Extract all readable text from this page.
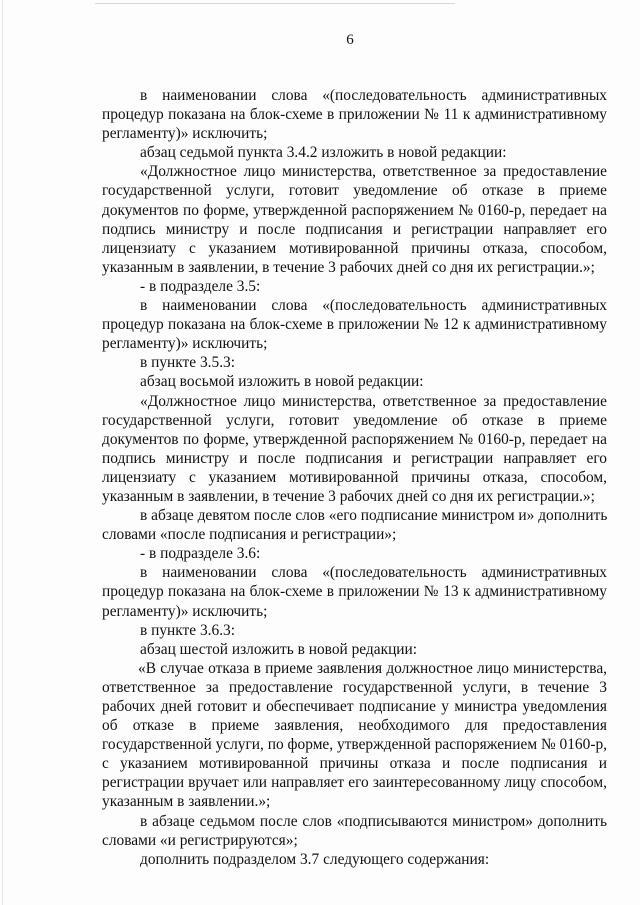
6
в наименовании слова «(последовательность административных
процедур показана на блок-схеме в приложении № 11 к административному
регламенту)» исключить;
абзац седьмой пункта 3.4.2 изложить в новой редакции:
«Должностное лицо министерства, ответственное за предоставление
государственной услуги, готовит уведомление об отказе в приеме
документов по форме, утвержденной распоряжением № 0160-р, передает на
подпись министру и после подписания и регистрации направляет его
лицензиату с указанием мотивированной причины отказа, способом,
указанным в заявлении, в течение 3 рабочих дней со дня их регистрации.»;
- в подразделе 3.5:
в наименовании слова «(последовательность административных
процедур показана на блок-схеме в приложении № 12 к административному
регламенту)» исключить;
в пункте 3.5.3:
абзац восьмой изложить в новой редакции:
«Должностное лицо министерства, ответственное за предоставление
государственной услуги, готовит уведомление об отказе в приеме
документов по форме, утвержденной распоряжением № 0160-р, передает на
подпись министру и после подписания и регистрации направляет его
лицензиату с указанием мотивированной причины отказа, способом,
указанным в заявлении, в течение 3 рабочих дней со дня их регистрации.»;
в абзаце девятом после слов «его подписание министром и» дополнить
словами «после подписания и регистрации»;
- в подразделе 3.6:
в наименовании слова «(последовательность административных
процедур показана на блок-схеме в приложении № 13 к административному
регламенту)» исключить;
в пункте 3.6.3:
абзац шестой изложить в новой редакции:
«В случае отказа в приеме заявления должностное лицо министерства,
ответственное за предоставление государственной услуги, в течение 3
рабочих дней готовит и обеспечивает подписание у министра уведомления
об отказе в приеме заявления, необходимого для предоставления
государственной услуги, по форме, утвержденной распоряжением № 0160-р,
с указанием мотивированной причины отказа и после подписания и
регистрации вручает или направляет его заинтересованному лицу способом,
указанным в заявлении.»;
в абзаце седьмом после слов «подписываются министром» дополнить
словами «и регистрируются»;
дополнить подразделом 3.7 следующего содержания:
